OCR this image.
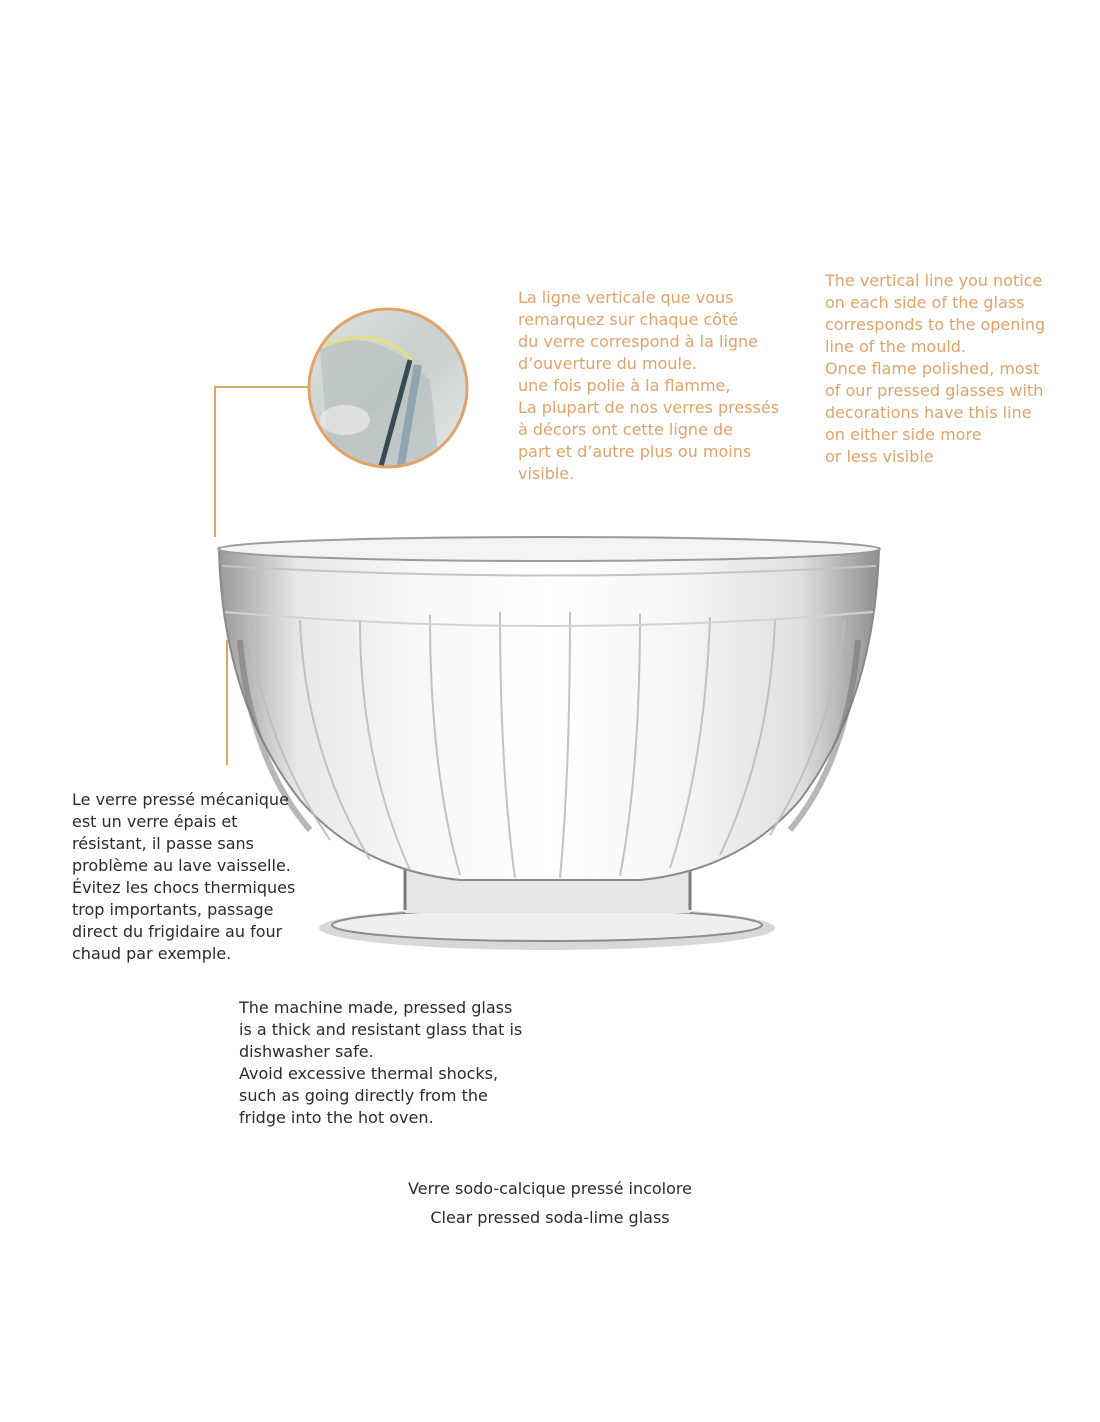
La ligne verticale que vous
remarquez sur chaque côté
du verre correspond à la ligne
d’ouverture du moule.
une fois polie à la flamme,
La plupart de nos verres pressés
à décors ont cette ligne de
part et d’autre plus ou moins
visible.
The vertical line you notice
on each side of the glass
corresponds to the opening
line of the mould.
Once flame polished, most
of our pressed glasses with
decorations have this line
on either side more
or less visible
Le verre pressé mécanique
est un verre épais et
résistant, il passe sans
problème au lave vaisselle.
Évitez les chocs thermiques
trop importants, passage
direct du frigidaire au four
chaud par exemple.
The machine made, pressed glass
is a thick and resistant glass that is
dishwasher safe.
Avoid excessive thermal shocks,
such as going directly from the
fridge into the hot oven.
Verre sodo-calcique pressé incolore
Clear pressed soda-lime glass
